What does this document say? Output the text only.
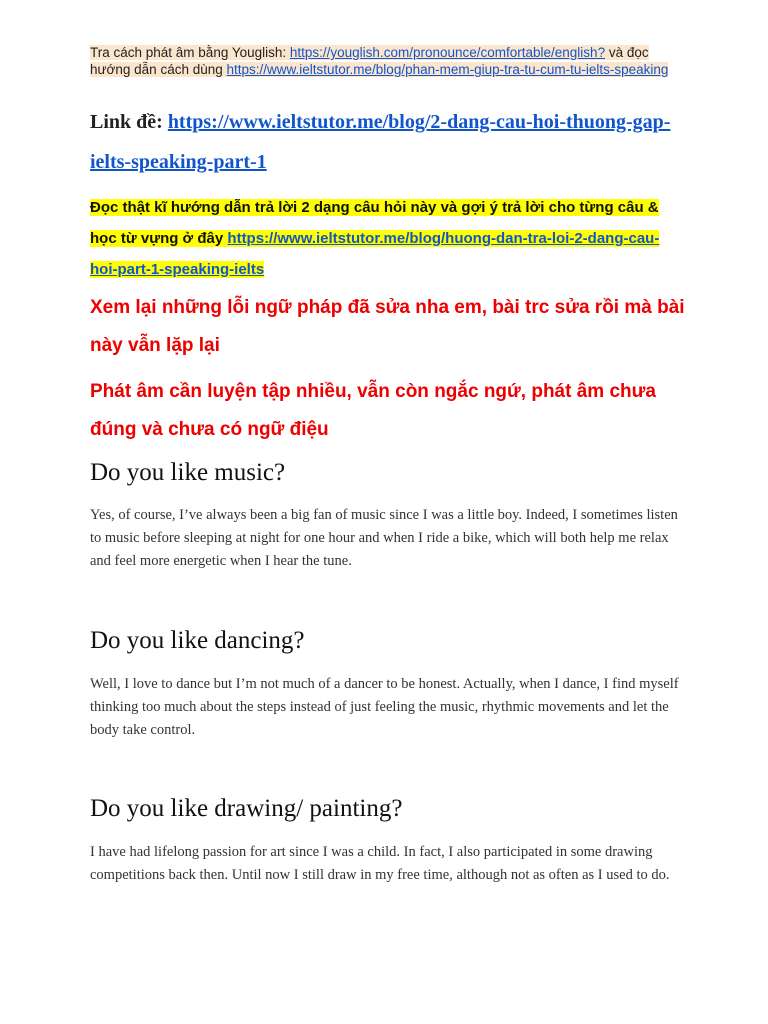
Tra cách phát âm bằng Youglish: https://youglish.com/pronounce/comfortable/english? và đọc hướng dẫn cách dùng https://www.ieltstutor.me/blog/phan-mem-giup-tra-tu-cum-tu-ielts-speaking
Link đề: https://www.ieltstutor.me/blog/2-dang-cau-hoi-thuong-gap-ielts-speaking-part-1
Đọc thật kĩ hướng dẫn trả lời 2 dạng câu hỏi này và gợi ý trả lời cho từng câu & học từ vựng ở đây https://www.ieltstutor.me/blog/huong-dan-tra-loi-2-dang-cau-hoi-part-1-speaking-ielts
Xem lại những lỗi ngữ pháp đã sửa nha em, bài trc sửa rồi mà bài này vẫn lặp lại
Phát âm cần luyện tập nhiều, vẫn còn ngắc ngứ, phát âm chưa đúng và chưa có ngữ điệu
Do you like music?
Yes, of course, I’ve always been a big fan of music since I was a little boy. Indeed, I sometimes listen to music before sleeping at night for one hour and when I ride a bike, which will both help me relax and feel more energetic when I hear the tune.
Do you like dancing?
Well, I love to dance but I’m not much of a dancer to be honest. Actually, when I dance, I find myself thinking too much about the steps instead of just feeling the music, rhythmic movements and let the body take control.
Do you like drawing/ painting?
I have had lifelong passion for art since I was a child. In fact, I also participated in some drawing competitions back then. Until now I still draw in my free time, although not as often as I used to do.
